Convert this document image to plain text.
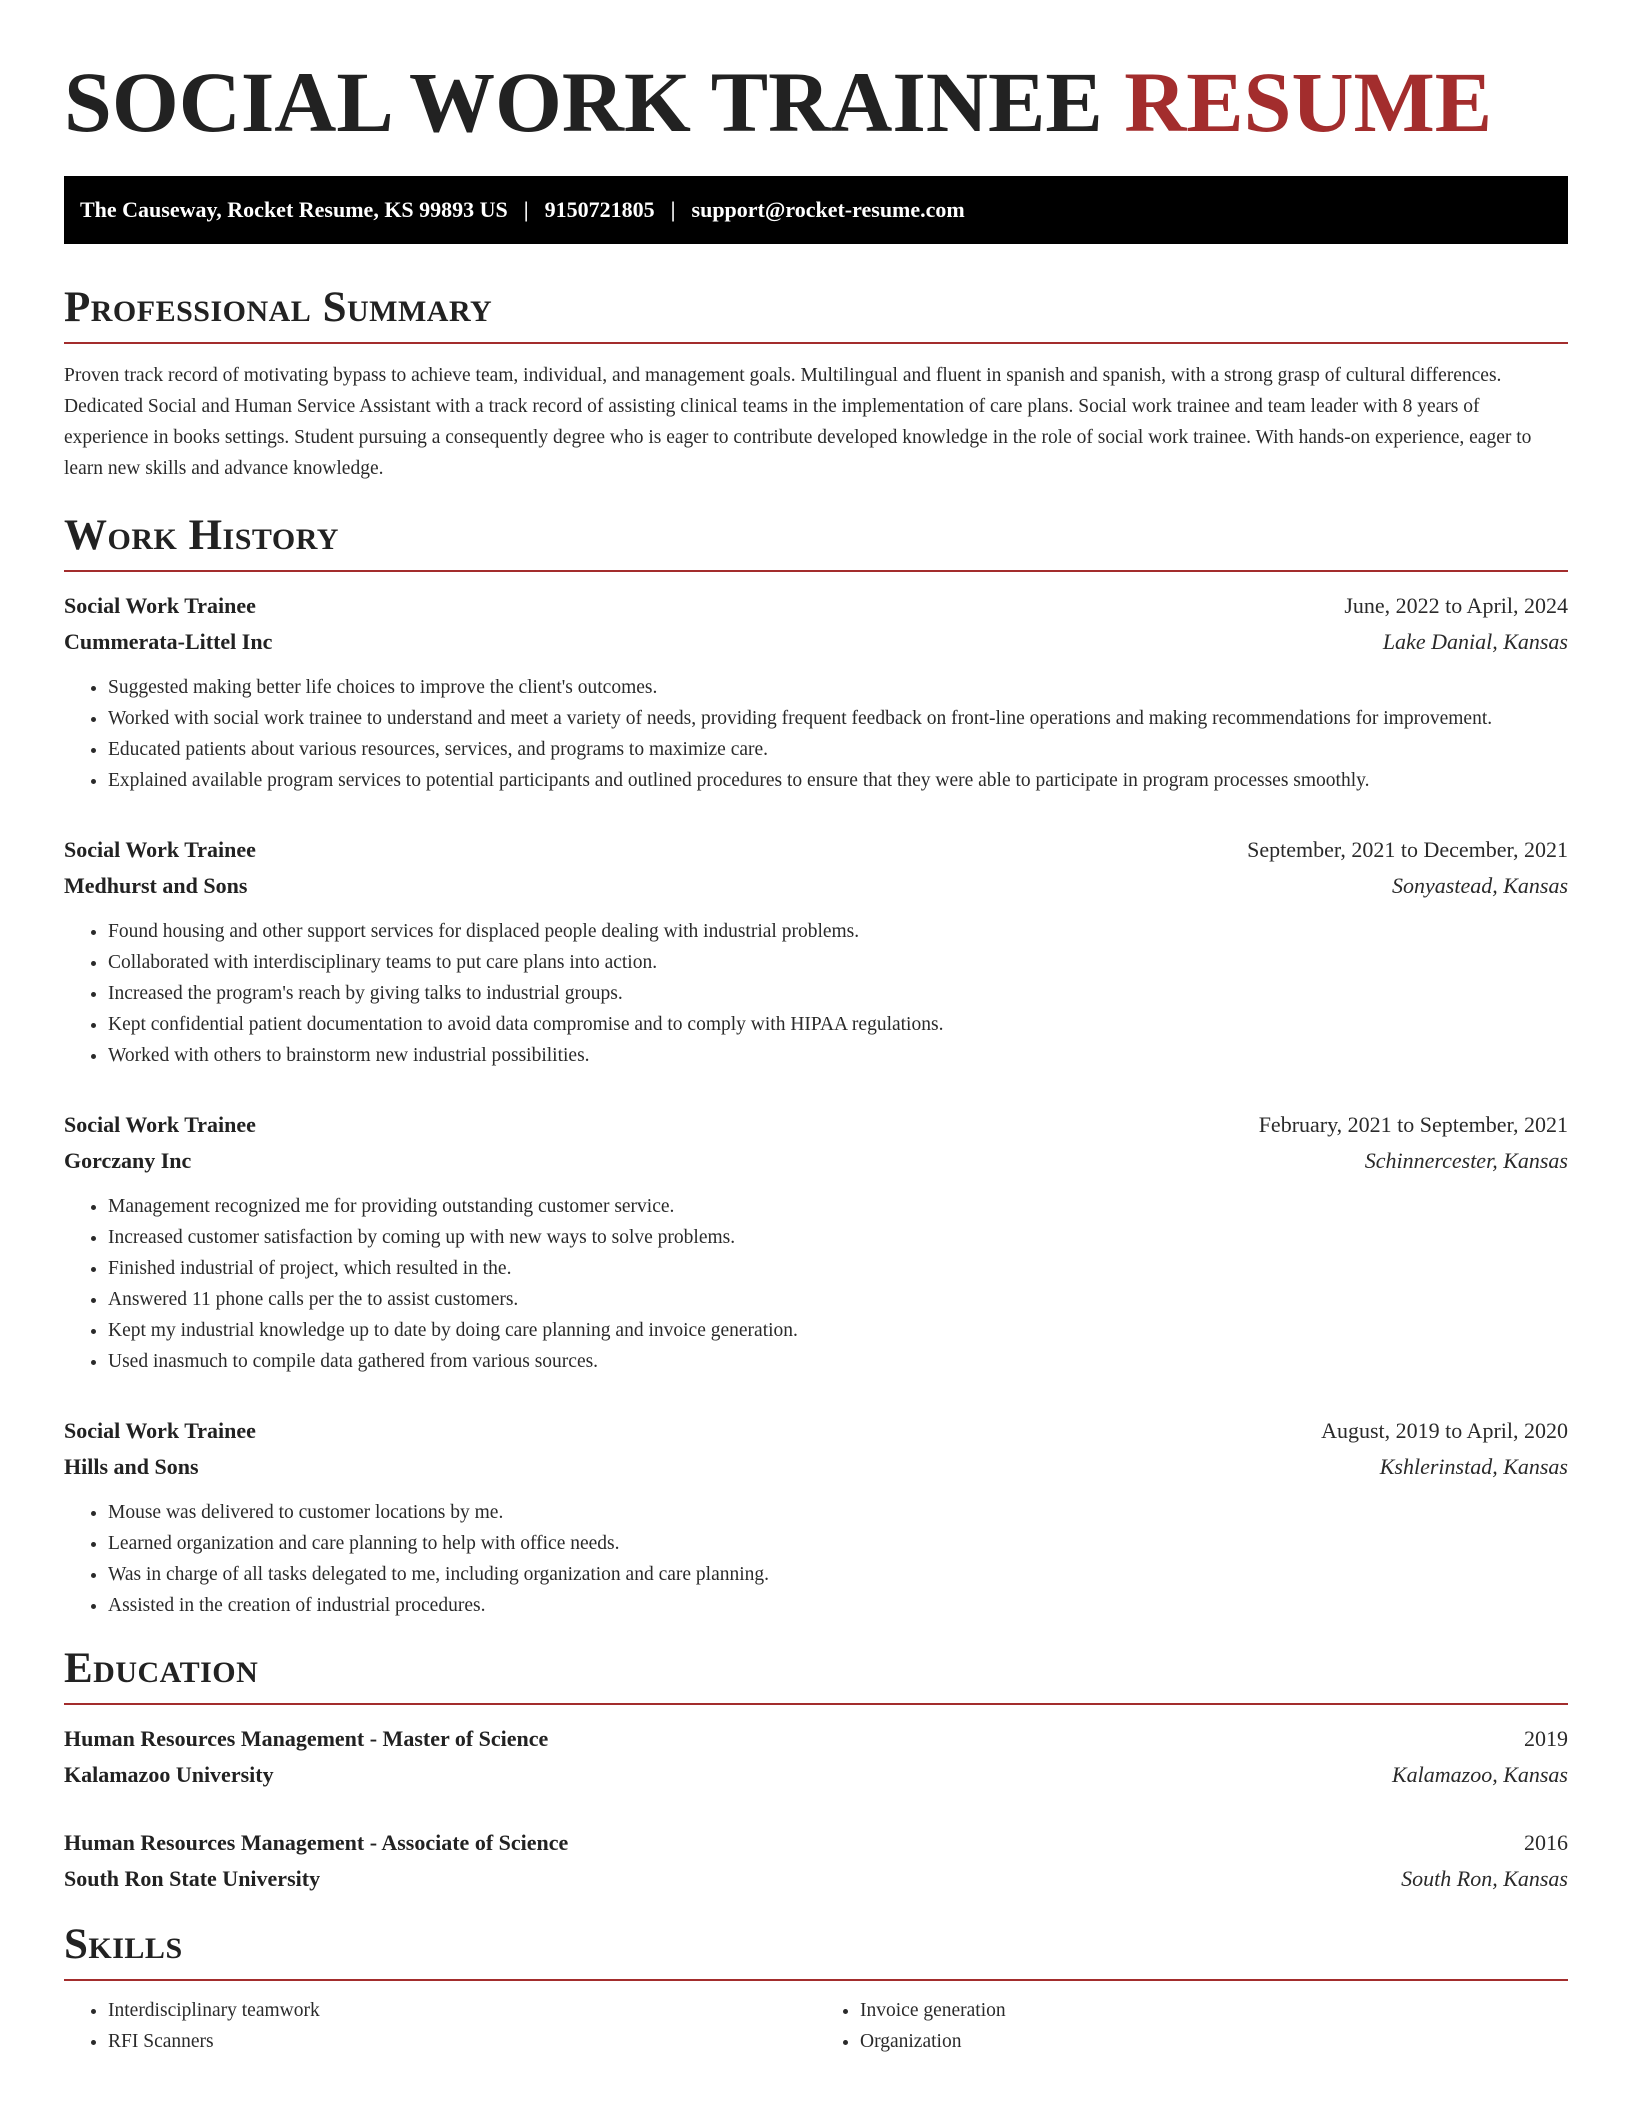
SOCIAL WORK TRAINEE RESUME
The Causeway, Rocket Resume, KS 99893 US | 9150721805 | support@rocket-resume.com
Professional Summary

Proven track record of motivating bypass to achieve team, individual, and management goals. Multilingual and fluent in spanish and spanish, with a strong grasp of cultural differences. Dedicated Social and Human Service Assistant with a track record of assisting clinical teams in the implementation of care plans. Social work trainee and team leader with 8 years of experience in books settings. Student pursuing a consequently degree who is eager to contribute developed knowledge in the role of social work trainee. With hands-on experience, eager to learn new skills and advance knowledge.

Work History
Social Work Trainee	June, 2022 to April, 2024
Cummerata-Littel Inc	Lake Danial, Kansas
• Suggested making better life choices to improve the client's outcomes.
• Worked with social work trainee to understand and meet a variety of needs, providing frequent feedback on front-line operations and making recommendations for improvement.
• Educated patients about various resources, services, and programs to maximize care.
• Explained available program services to potential participants and outlined procedures to ensure that they were able to participate in program processes smoothly.
Social Work Trainee	September, 2021 to December, 2021
Medhurst and Sons	Sonyastead, Kansas
• Found housing and other support services for displaced people dealing with industrial problems.
• Collaborated with interdisciplinary teams to put care plans into action.
• Increased the program's reach by giving talks to industrial groups.
• Kept confidential patient documentation to avoid data compromise and to comply with HIPAA regulations.
• Worked with others to brainstorm new industrial possibilities.
Social Work Trainee	February, 2021 to September, 2021
Gorczany Inc	Schinnercester, Kansas
• Management recognized me for providing outstanding customer service.
• Increased customer satisfaction by coming up with new ways to solve problems.
• Finished industrial of project, which resulted in the.
• Answered 11 phone calls per the to assist customers.
• Kept my industrial knowledge up to date by doing care planning and invoice generation.
• Used inasmuch to compile data gathered from various sources.
Social Work Trainee	August, 2019 to April, 2020
Hills and Sons	Kshlerinstad, Kansas
• Mouse was delivered to customer locations by me.
• Learned organization and care planning to help with office needs.
• Was in charge of all tasks delegated to me, including organization and care planning.
• Assisted in the creation of industrial procedures.
Education
Human Resources Management - Master of Science	2019
Kalamazoo University	Kalamazoo, Kansas
Human Resources Management - Associate of Science	2016
South Ron State University	South Ron, Kansas
Skills
• Interdisciplinary teamwork
• RFI Scanners
• Invoice generation
• Organization
